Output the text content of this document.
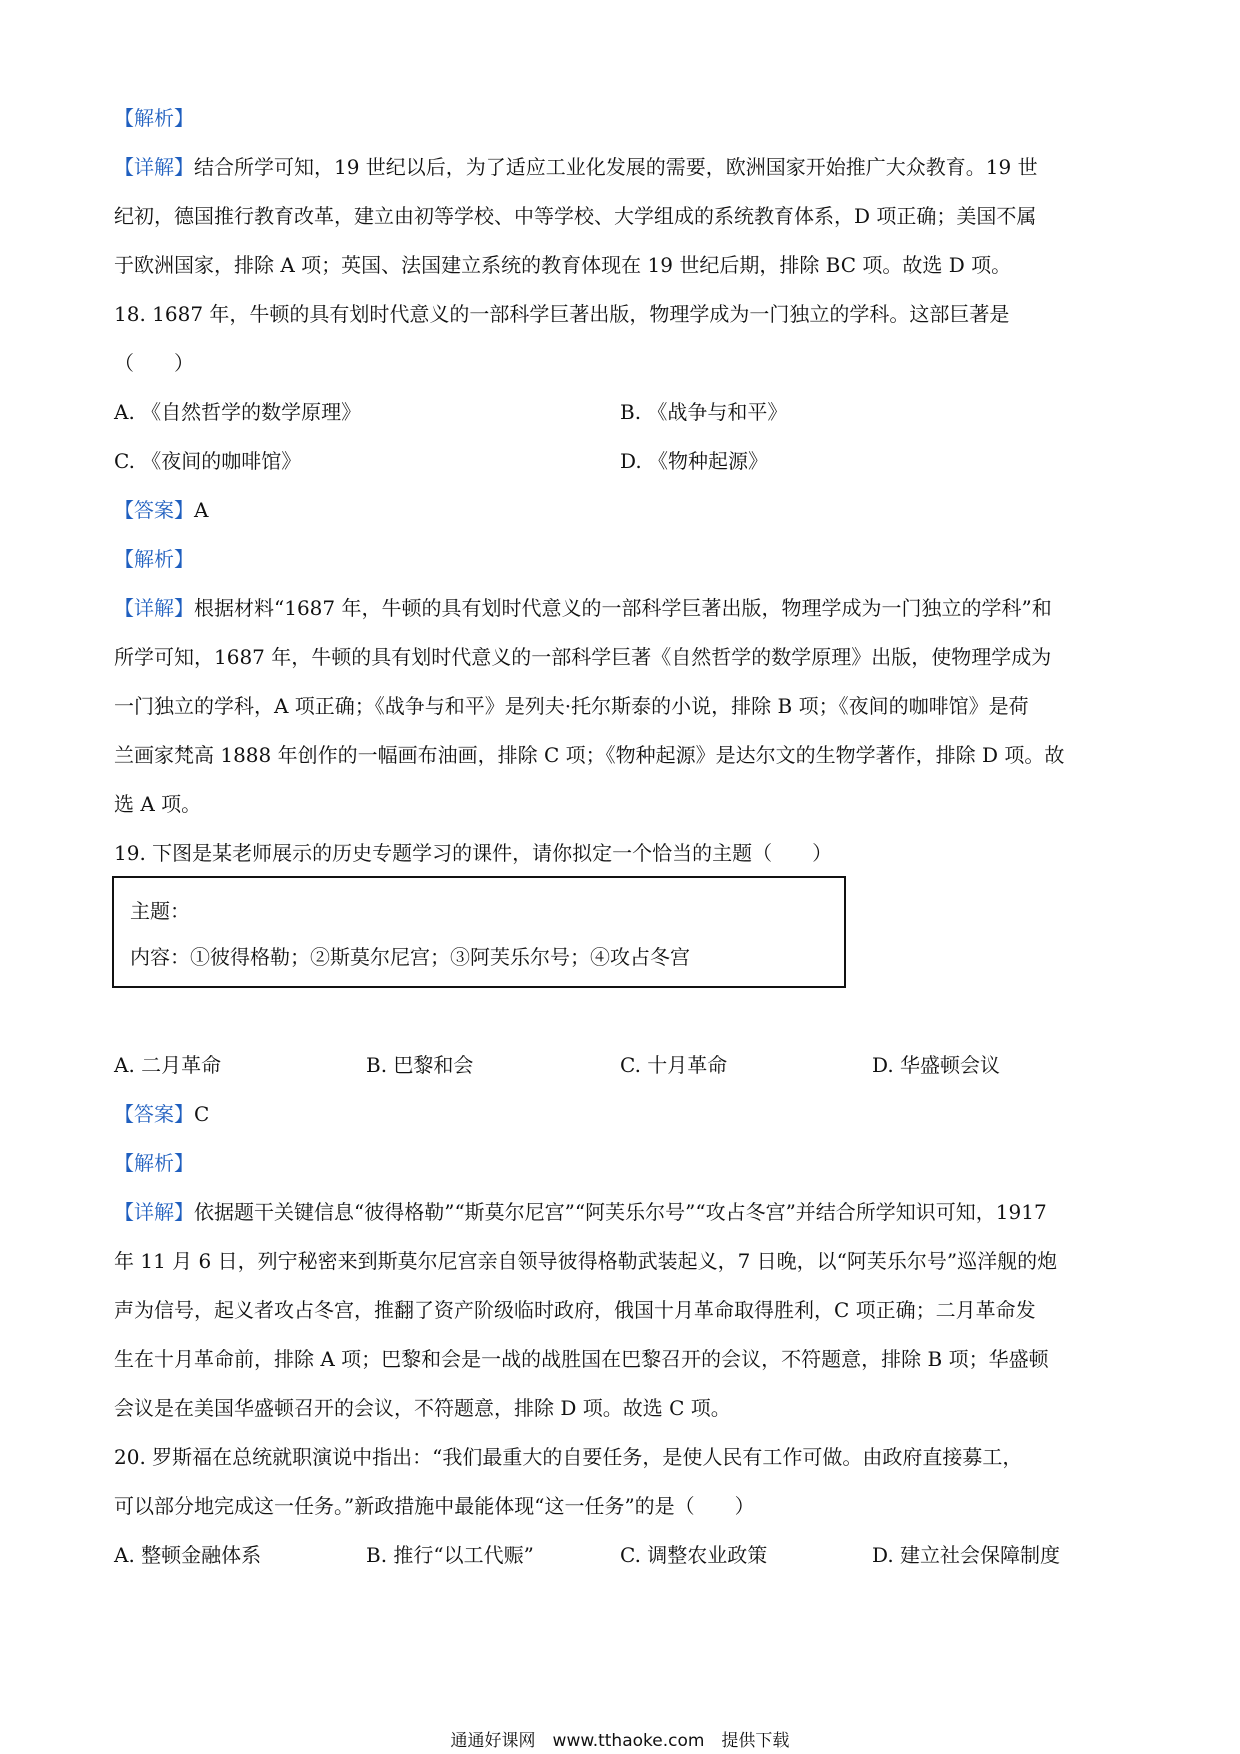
【解析】
【详解】结合所学可知，19 世纪以后，为了适应工业化发展的需要，欧洲国家开始推广大众教育。19 世
纪初，德国推行教育改革，建立由初等学校、中等学校、大学组成的系统教育体系，D 项正确；美国不属
于欧洲国家，排除 A 项；英国、法国建立系统的教育体现在 19 世纪后期，排除 BC 项。故选 D 项。
18. 1687 年，牛顿的具有划时代意义的一部科学巨著出版，物理学成为一门独立的学科。这部巨著是
（　　）
A. 《自然哲学的数学原理》	B. 《战争与和平》
C. 《夜间的咖啡馆》	D. 《物种起源》
【答案】A
【解析】
【详解】根据材料“1687 年，牛顿的具有划时代意义的一部科学巨著出版，物理学成为一门独立的学科”和
所学可知，1687 年，牛顿的具有划时代意义的一部科学巨著《自然哲学的数学原理》出版，使物理学成为
一门独立的学科，A 项正确；《战争与和平》是列夫·托尔斯泰的小说，排除 B 项；《夜间的咖啡馆》是荷
兰画家梵高 1888 年创作的一幅画布油画，排除 C 项；《物种起源》是达尔文的生物学著作，排除 D 项。故
选 A 项。
19. 下图是某老师展示的历史专题学习的课件，请你拟定一个恰当的主题（　　）
主题：
内容：①彼得格勒；②斯莫尔尼宫；③阿芙乐尔号；④攻占冬宫
A. 二月革命	B. 巴黎和会	C. 十月革命	D. 华盛顿会议
【答案】C
【解析】
【详解】依据题干关键信息“彼得格勒”“斯莫尔尼宫”“阿芙乐尔号”“攻占冬宫”并结合所学知识可知，1917
年 11 月 6 日，列宁秘密来到斯莫尔尼宫亲自领导彼得格勒武装起义，7 日晚，以“阿芙乐尔号”巡洋舰的炮
声为信号，起义者攻占冬宫，推翻了资产阶级临时政府，俄国十月革命取得胜利，C 项正确；二月革命发
生在十月革命前，排除 A 项；巴黎和会是一战的战胜国在巴黎召开的会议，不符题意，排除 B 项；华盛顿
会议是在美国华盛顿召开的会议，不符题意，排除 D 项。故选 C 项。
20. 罗斯福在总统就职演说中指出：“我们最重大的自要任务，是使人民有工作可做。由政府直接募工，
可以部分地完成这一任务。”新政措施中最能体现“这一任务”的是（　　）
A. 整顿金融体系	B. 推行“以工代赈”	C. 调整农业政策	D. 建立社会保障制度
通通好课网　www.tthaoke.com　提供下载
